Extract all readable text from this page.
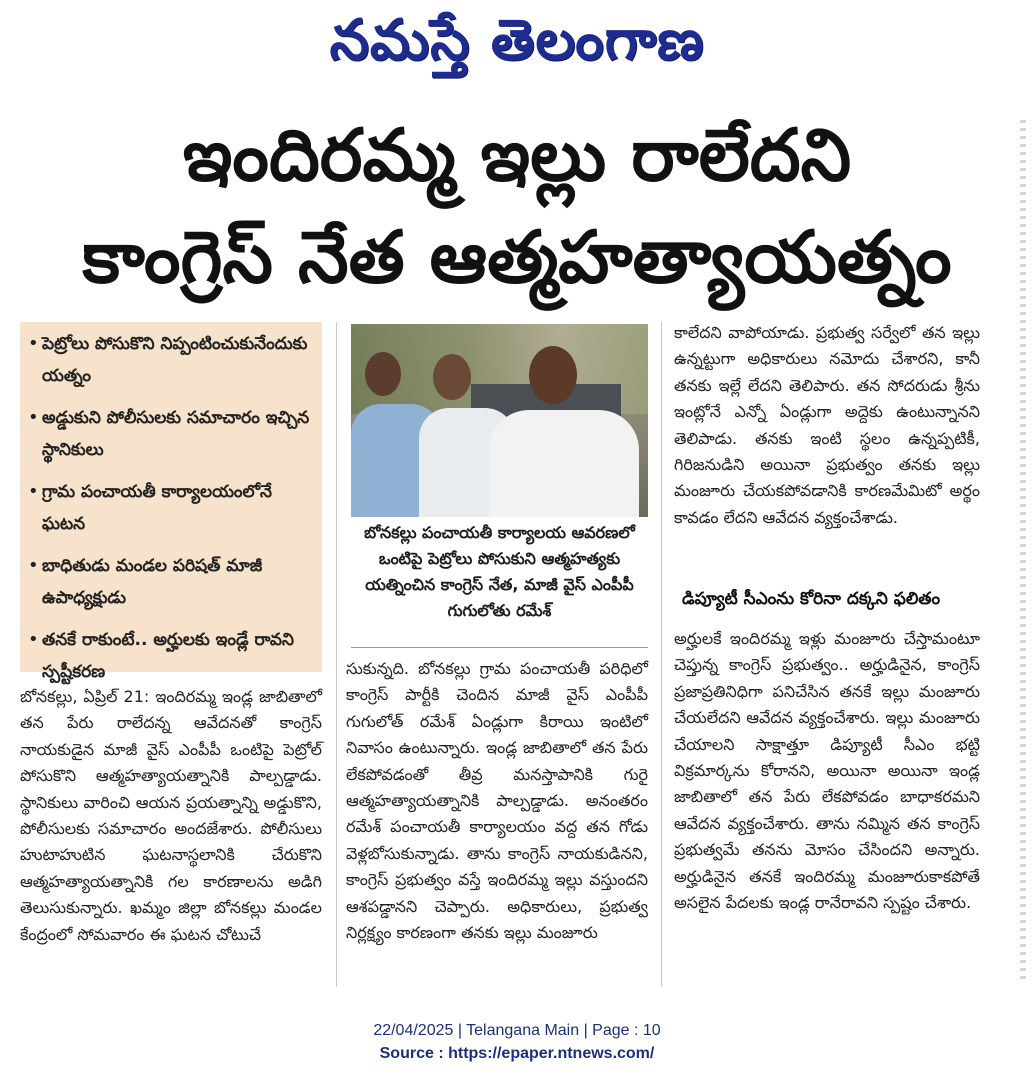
నమస్తే తెలంగాణ
ఇందిరమ్మ ఇల్లు రాలేదని
కాంగ్రెస్ నేత ఆత్మహత్యాయత్నం
• పెట్రోలు పోసుకొని నిప్పంటించుకునేందుకు యత్నం
• అడ్డుకుని పోలీసులకు సమాచారం ఇచ్చిన స్థానికులు
• గ్రామ పంచాయతీ కార్యాలయంలోనే ఘటన
• బాధితుడు మండల పరిషత్ మాజీ ఉపాధ్యక్షుడు
• తనకే రాకుంటే.. అర్హులకు ఇండ్లే రావని స్పష్టీకరణ
బోనకల్లు పంచాయతీ కార్యాలయ ఆవరణలో ఒంటిపై పెట్రోలు పోసుకుని ఆత్మహత్యకు యత్నించిన కాంగ్రెస్ నేత, మాజీ వైస్ ఎంపీపీ గుగులోతు రమేశ్
బోనకల్లు, ఏప్రిల్ 21: ఇందిరమ్మ ఇండ్ల జాబితాలో తన పేరు రాలేదన్న ఆవేదనతో కాంగ్రెస్ నాయకుడైన మాజీ వైస్ ఎంపీపీ ఒంటిపై పెట్రోల్ పోసుకొని ఆత్మహత్యాయత్నానికి పాల్పడ్డాడు. స్థానికులు వారించి ఆయన ప్రయత్నాన్ని అడ్డుకొని, పోలీసులకు సమాచారం అందజేశారు. పోలీసులు హుటాహుటిన ఘటనాస్థలానికి చేరుకొని ఆత్మహత్యాయత్నానికి గల కారణాలను అడిగి తెలుసుకున్నారు. ఖమ్మం జిల్లా బోనకల్లు మండల కేంద్రంలో సోమవారం ఈ ఘటన చోటుచే
సుకున్నది. బోనకల్లు గ్రామ పంచాయతీ పరిధిలో కాంగ్రెస్ పార్టీకి చెందిన మాజీ వైస్ ఎంపీపీ గుగులోత్ రమేశ్ ఏండ్లుగా కిరాయి ఇంటిలో నివాసం ఉంటున్నారు. ఇండ్ల జాబితాలో తన పేరు లేకపోవడంతో తీవ్ర మనస్తాపానికి గురై ఆత్మహత్యాయత్నానికి పాల్పడ్డాడు. అనంతరం రమేశ్ పంచాయతీ కార్యాలయం వద్ద తన గోడు వెళ్లబోసుకున్నాడు. తాను కాంగ్రెస్ నాయకుడినని, కాంగ్రెస్ ప్రభుత్వం వస్తే ఇందిరమ్మ ఇల్లు వస్తుందని ఆశపడ్డానని చెప్పారు. అధికారులు, ప్రభుత్వ నిర్లక్ష్యం కారణంగా తనకు ఇల్లు మంజూరు
కాలేదని వాపోయాడు. ప్రభుత్వ సర్వేలో తన ఇల్లు ఉన్నట్టుగా అధికారులు నమోదు చేశారని, కానీ తనకు ఇల్లే లేదని తెలిపారు. తన సోదరుడు శ్రీను ఇంట్లోనే ఎన్నో ఏండ్లుగా అద్దెకు ఉంటున్నానని తెలిపాడు. తనకు ఇంటి స్థలం ఉన్నప్పటికీ, గిరిజనుడిని అయినా ప్రభుత్వం తనకు ఇల్లు మంజూరు చేయకపోవడానికి కారణమేమిటో అర్థం కావడం లేదని ఆవేదన వ్యక్తంచేశాడు.
డిప్యూటీ సీఎంను కోరినా దక్కని ఫలితం
అర్హులకే ఇందిరమ్మ ఇళ్లు మంజూరు చేస్తామంటూ చెప్తున్న కాంగ్రెస్ ప్రభుత్వం.. అర్హుడినైన, కాంగ్రెస్ ప్రజాప్రతినిధిగా పనిచేసిన తనకే ఇల్లు మంజూరు చేయలేదని ఆవేదన వ్యక్తంచేశారు. ఇల్లు మంజూరు చేయాలని సాక్షాత్తూ డిప్యూటీ సీఎం భట్టి విక్రమార్కను కోరానని, అయినా అయినా ఇండ్ల జాబితాలో తన పేరు లేకపోవడం బాధాకరమని ఆవేదన వ్యక్తంచేశారు. తాను నమ్మిన తన కాంగ్రెస్ ప్రభుత్వమే తనను మోసం చేసిందని అన్నారు. అర్హుడినైన తనకే ఇందిరమ్మ మంజూరుకాకపోతే అసలైన పేదలకు ఇండ్ల రానేరావని స్పష్టం చేశారు.
22/04/2025 | Telangana Main | Page : 10
Source : https://epaper.ntnews.com/
